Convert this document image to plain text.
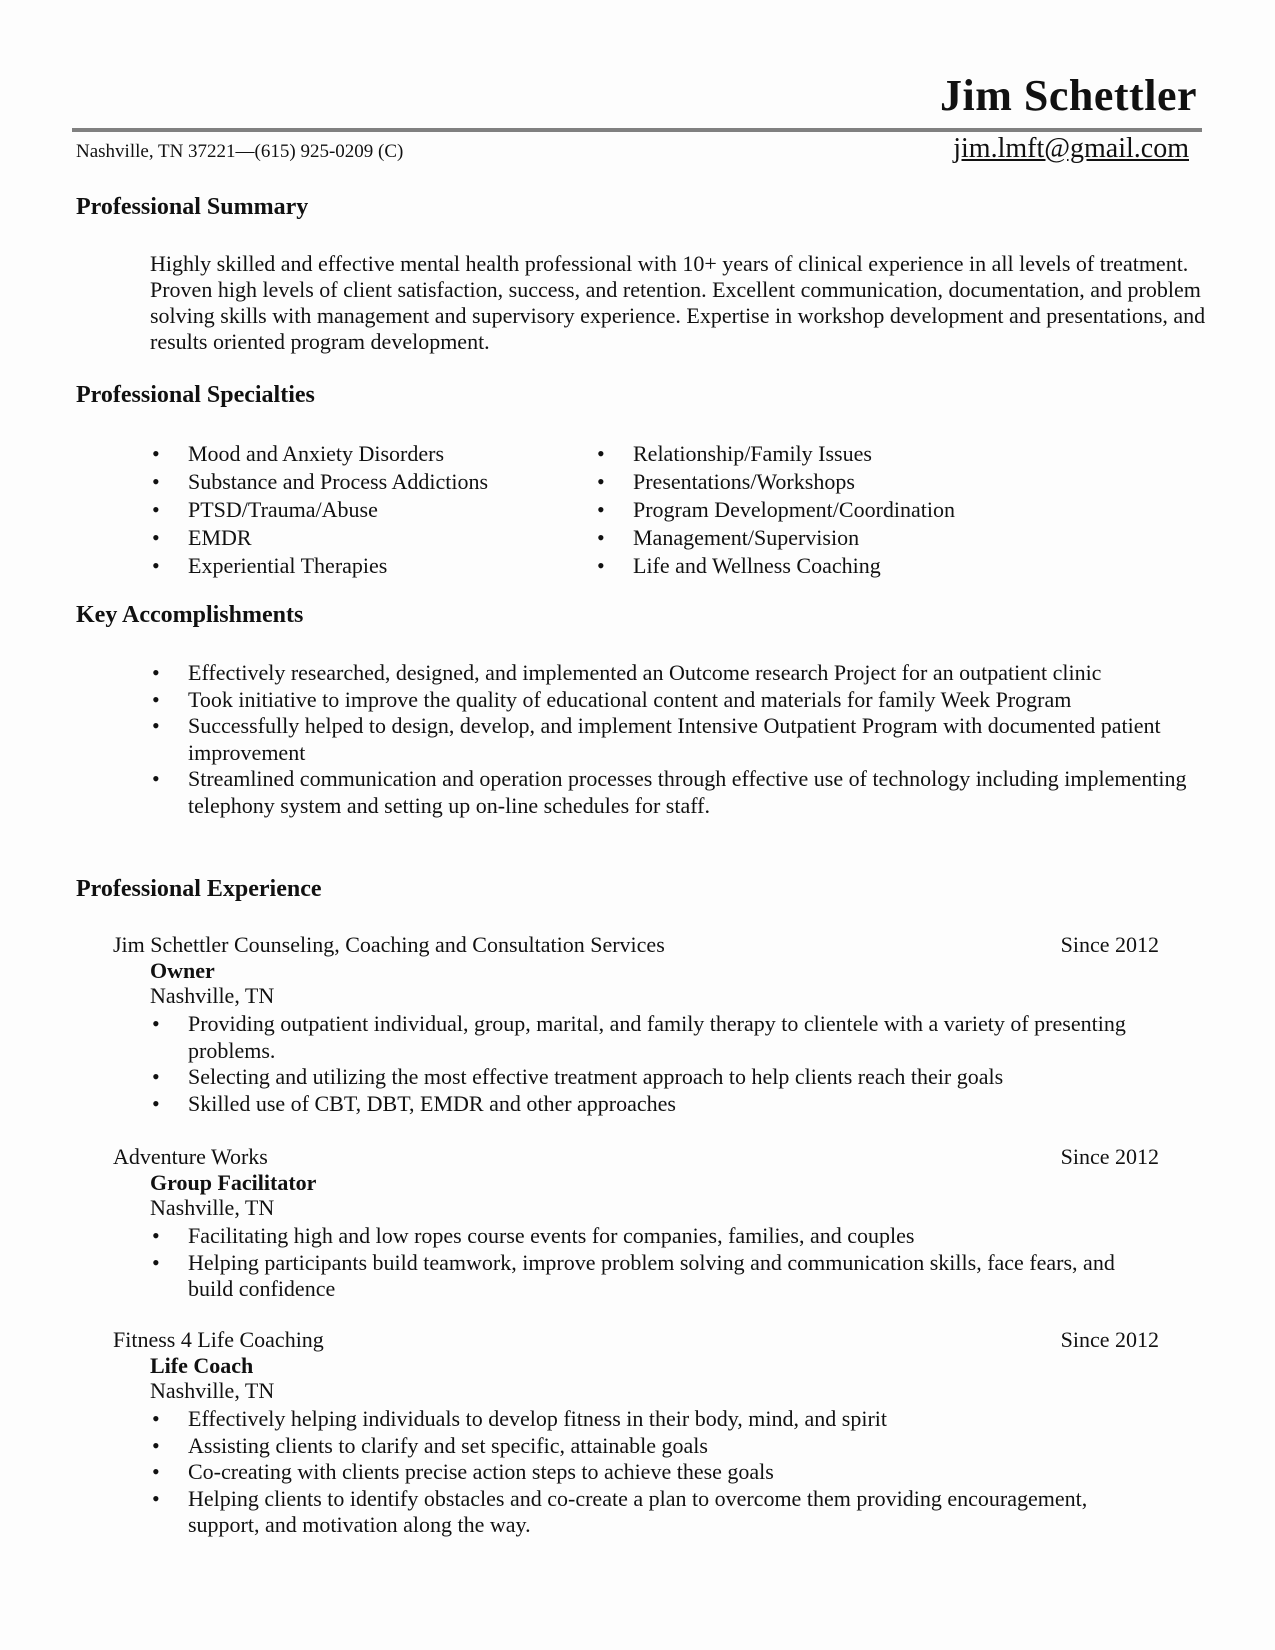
Jim Schettler
Nashville, TN 37221—(615) 925-0209 (C)	jim.lmft@gmail.com
Professional Summary
Highly skilled and effective mental health professional with 10+ years of clinical experience in all levels of treatment. Proven high levels of client satisfaction, success, and retention. Excellent communication, documentation, and problem solving skills with management and supervisory experience. Expertise in workshop development and presentations, and results oriented program development.
Professional Specialties
• Mood and Anxiety Disorders
• Substance and Process Addictions
• PTSD/Trauma/Abuse
• EMDR
• Experiential Therapies
• Relationship/Family Issues
• Presentations/Workshops
• Program Development/Coordination
• Management/Supervision
• Life and Wellness Coaching
Key Accomplishments
• Effectively researched, designed, and implemented an Outcome research Project for an outpatient clinic
• Took initiative to improve the quality of educational content and materials for family Week Program
• Successfully helped to design, develop, and implement Intensive Outpatient Program with documented patient improvement
• Streamlined communication and operation processes through effective use of technology including implementing telephony system and setting up on-line schedules for staff.
Professional Experience
Jim Schettler Counseling, Coaching and Consultation Services	Since 2012
Owner
Nashville, TN
• Providing outpatient individual, group, marital, and family therapy to clientele with a variety of presenting problems.
• Selecting and utilizing the most effective treatment approach to help clients reach their goals
• Skilled use of CBT, DBT, EMDR and other approaches
Adventure Works	Since 2012
Group Facilitator
Nashville, TN
• Facilitating high and low ropes course events for companies, families, and couples
• Helping participants build teamwork, improve problem solving and communication skills, face fears, and build confidence
Fitness 4 Life Coaching	Since 2012
Life Coach
Nashville, TN
• Effectively helping individuals to develop fitness in their body, mind, and spirit
• Assisting clients to clarify and set specific, attainable goals
• Co-creating with clients precise action steps to achieve these goals
• Helping clients to identify obstacles and co-create a plan to overcome them providing encouragement, support, and motivation along the way.
